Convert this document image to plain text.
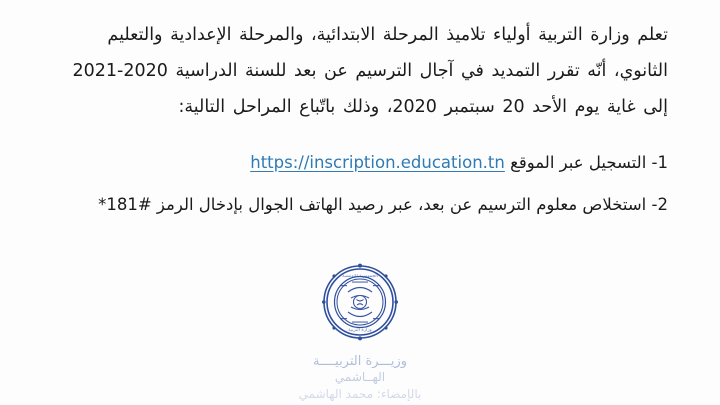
تعلم وزارة التربية أولياء تلاميذ المرحلة الابتدائية، والمرحلة الإعدادية والتعليم الثانوي، أنّه تقرر التمديد في آجال الترسيم عن بعد للسنة الدراسية 2020-2021 إلى غاية يوم الأحد 20 سبتمبر 2020، وذلك باتّباع المراحل التالية:

1- التسجيل عبر الموقع https://inscription.education.tn
2- استخلاص معلوم الترسيم عن بعد، عبر رصيد الهاتف الجوال بإدخال الرمز #181*
الجمهورية التونسية
وزارة التربية
وزيـــرة التربيــــة
الهــاشمي
بالإمضاء: محمد الهاشمي
